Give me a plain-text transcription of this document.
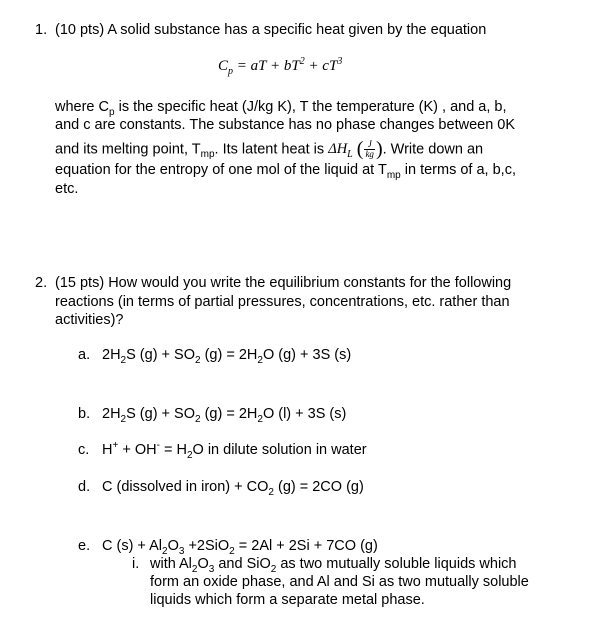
1. (10 pts) A solid substance has a specific heat given by the equation
$C_p$ = aT + $bT^2 + cT^3$
where $C_p$ is the specific heat (J/kg K), T the temperature (K) , and a, b,
and c are constants. The substance has no phase changes between 0K
and its melting point, $T_{mp}$. Its latent heat is $\Delta H_L$ ( $\frac{J}{kg}$ ). Write down an
equation for the entropy of one mol of the liquid at $T_{mp}$ in terms of a, b,c,
etc.
2. (15 pts) How would you write the equilibrium constants for the following
reactions (in terms of partial pressures, concentrations, etc. rather than
activities)?
a. $2H_2S$ $(g) + SO_2$ $(g) = 2H_2O$ (g) + 3S (s)
b. $2H_2S$ $(g) + SO_2$ $(g) = 2H_2O$ (l) + 3S (s)
c. $H^+ + OH^- = H_2O$ in dilute solution in water
d. C (dissolved in iron) + $CO_2$ (g) = 2CO (g)
e. C $(s) + Al_2O_3 +2SiO_2 = 2Al + 2Si + 7CO$ (g)
i. with $Al_2O_3$ and SiO$_2$ as two mutually soluble liquids which
form an oxide phase, and Al and Si as two mutually soluble
liquids which form a separate metal phase.
